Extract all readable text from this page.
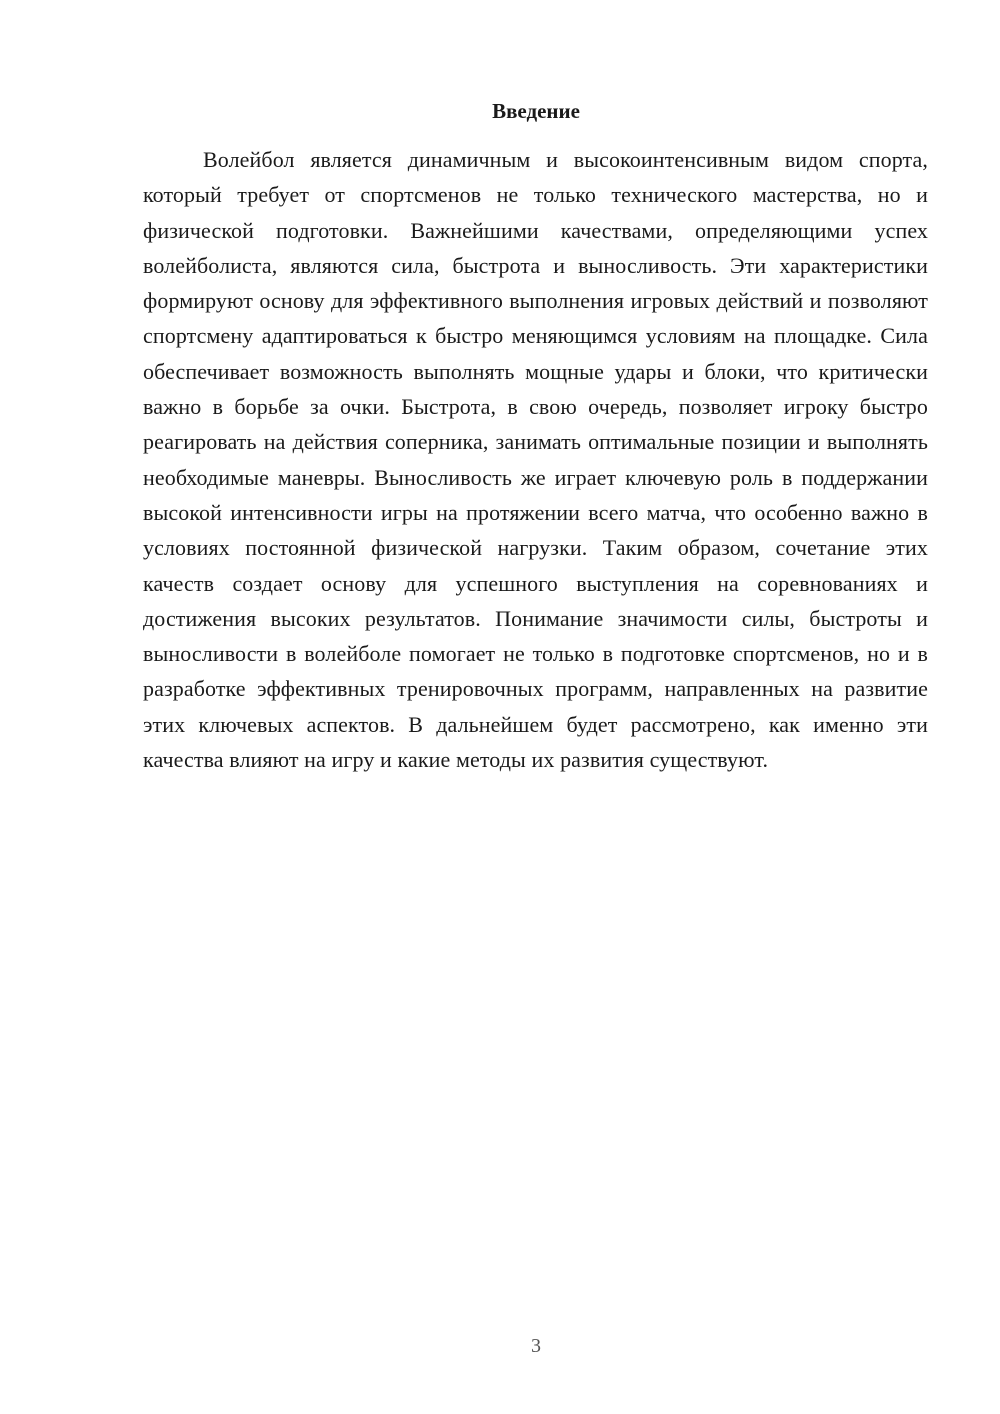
Введение

Волейбол является динамичным и высокоинтенсивным видом спорта, который требует от спортсменов не только технического мастерства, но и физической подготовки. Важнейшими качествами, определяющими успех волейболиста, являются сила, быстрота и выносливость. Эти характеристики формируют основу для эффективного выполнения игровых действий и позволяют спортсмену адаптироваться к быстро меняющимся условиям на площадке. Сила обеспечивает возможность выполнять мощные удары и блоки, что критически важно в борьбе за очки. Быстрота, в свою очередь, позволяет игроку быстро реагировать на действия соперника, занимать оптимальные позиции и выполнять необходимые маневры. Выносливость же играет ключевую роль в поддержании высокой интенсивности игры на протяжении всего матча, что особенно важно в условиях постоянной физической нагрузки. Таким образом, сочетание этих качеств создает основу для успешного выступления на соревнованиях и достижения высоких результатов. Понимание значимости силы, быстроты и выносливости в волейболе помогает не только в подготовке спортсменов, но и в разработке эффективных тренировочных программ, направленных на развитие этих ключевых аспектов. В дальнейшем будет рассмотрено, как именно эти качества влияют на игру и какие методы их развития существуют.

3
